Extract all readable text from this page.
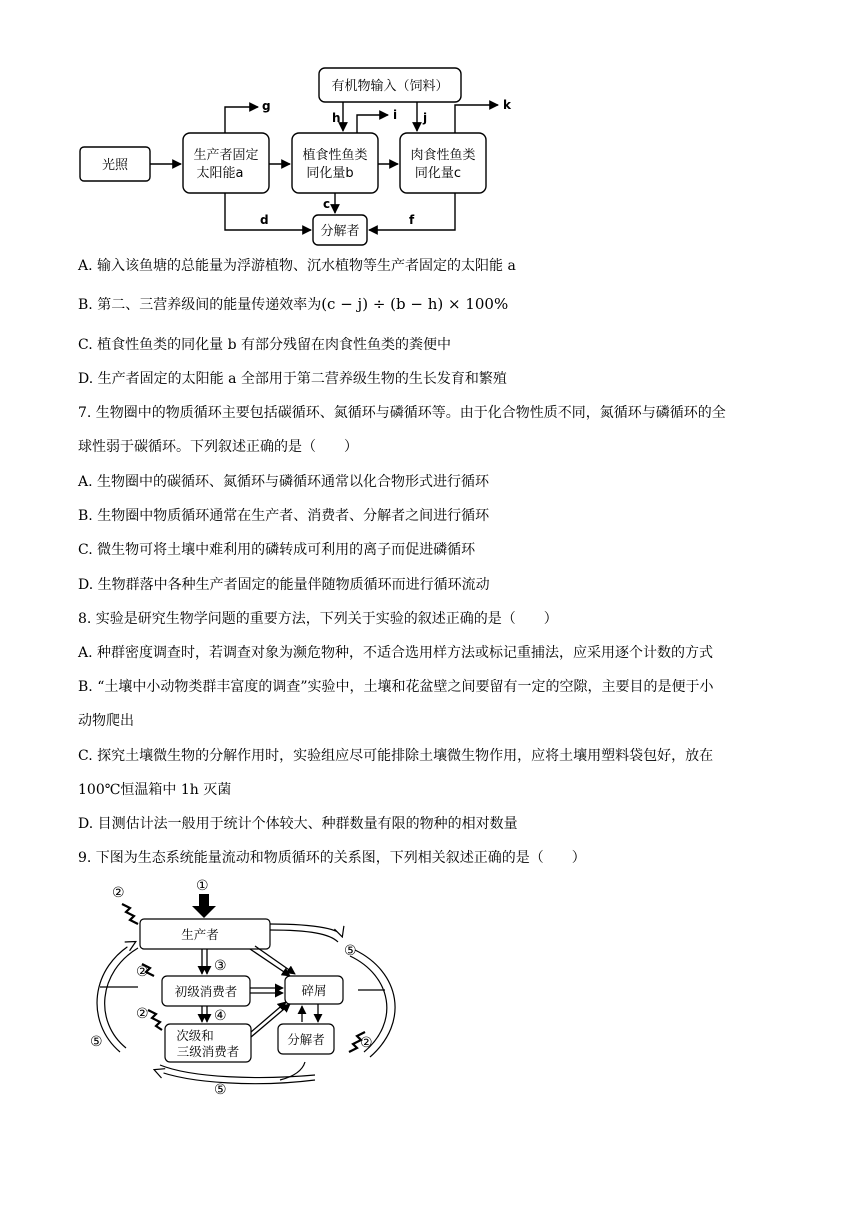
光照
生产者固定
太阳能a
植食性鱼类
同化量b
肉食性鱼类
同化量c
有机物输入（饲料）
分解者
g
h	i j
k
c
d	f
A. 输入该鱼塘的总能量为浮游植物、沉水植物等生产者固定的太阳能 a
B. 第二、三营养级间的能量传递效率为(c − j) ÷ (b − h) × 100%
C. 植食性鱼类的同化量 b 有部分残留在肉食性鱼类的粪便中
D. 生产者固定的太阳能 a 全部用于第二营养级生物的生长发育和繁殖
7. 生物圈中的物质循环主要包括碳循环、氮循环与磷循环等。由于化合物性质不同，氮循环与磷循环的全
球性弱于碳循环。下列叙述正确的是（　　）
A. 生物圈中的碳循环、氮循环与磷循环通常以化合物形式进行循环
B. 生物圈中物质循环通常在生产者、消费者、分解者之间进行循环
C. 微生物可将土壤中难利用的磷转成可利用的离子而促进磷循环
D. 生物群落中各种生产者固定的能量伴随物质循环而进行循环流动
8. 实验是研究生物学问题的重要方法，下列关于实验的叙述正确的是（　　）
A. 种群密度调查时，若调查对象为濒危物种，不适合选用样方法或标记重捕法，应采用逐个计数的方式
B. “土壤中小动物类群丰富度的调查”实验中，土壤和花盆壁之间要留有一定的空隙，主要目的是便于小
动物爬出
C. 探究土壤微生物的分解作用时，实验组应尽可能排除土壤微生物作用，应将土壤用塑料袋包好，放在
100℃恒温箱中 1h 灭菌
D. 目测估计法一般用于统计个体较大、种群数量有限的物种的相对数量
9. 下图为生态系统能量流动和物质循环的关系图，下列相关叙述正确的是（　　）
生产者
初级消费者
次级和
三级消费者
碎屑
分解者
①
②
②
②
②
③
④
⑤
⑤
⑤
